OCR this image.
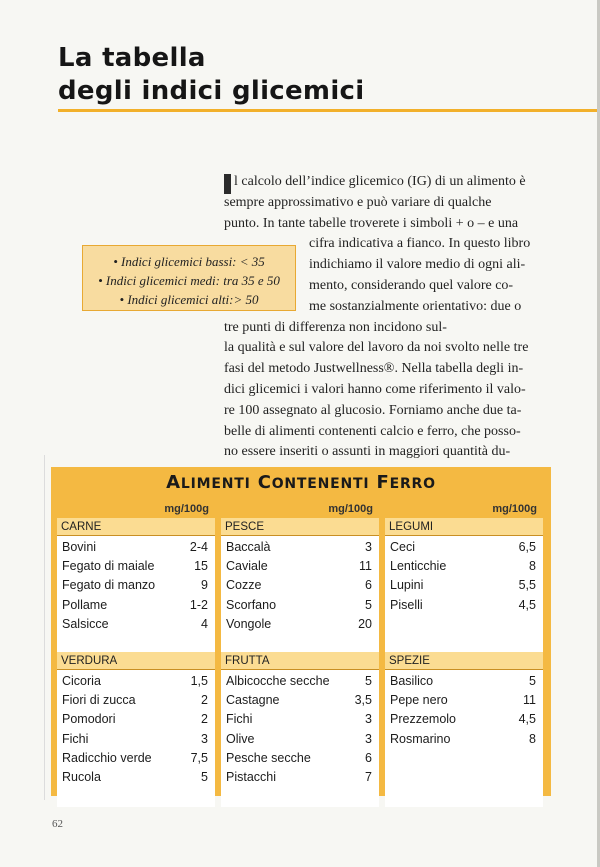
La tabella
degli indici glicemici
l calcolo dell’indice glicemico (IG) di un alimento è
sempre approssimativo e può variare di qualche
punto. In tante tabelle troverete i simboli + o – e una
cifra indicativa a fianco. In questo libro
indichiamo il valore medio di ogni ali-
mento, considerando quel valore co-
me sostanzialmente orientativo: due o
tre punti di differenza non incidono sul-
la qualità e sul valore del lavoro da noi svolto nelle tre
fasi del metodo Justwellness®. Nella tabella degli in-
dici glicemici i valori hanno come riferimento il valo-
re 100 assegnato al glucosio. Forniamo anche due ta-
belle di alimenti contenenti calcio e ferro, che posso-
no essere inseriti o assunti in maggiori quantità du-
• Indici glicemici bassi: < 35
• Indici glicemici medi: tra 35 e 50
• Indici glicemici alti:> 50
ALIMENTI CONTENENTI FERRO
mg/100g	mg/100g	mg/100g
CARNE
Bovini	2-4
Fegato di maiale	15
Fegato di manzo	9
Pollame	1-2
Salsicce	4
PESCE
Baccalà	3
Caviale	11
Cozze	6
Scorfano	5
Vongole	20
LEGUMI
Ceci	6,5
Lenticchie	8
Lupini	5,5
Piselli	4,5
VERDURA
Cicoria	1,5
Fiori di zucca	2
Pomodori	2
Fichi	3
Radicchio verde	7,5
Rucola	5
FRUTTA
Albicocche secche	5
Castagne	3,5
Fichi	3
Olive	3
Pesche secche	6
Pistacchi	7
SPEZIE
Basilico	5
Pepe nero	11
Prezzemolo	4,5
Rosmarino	8
62
